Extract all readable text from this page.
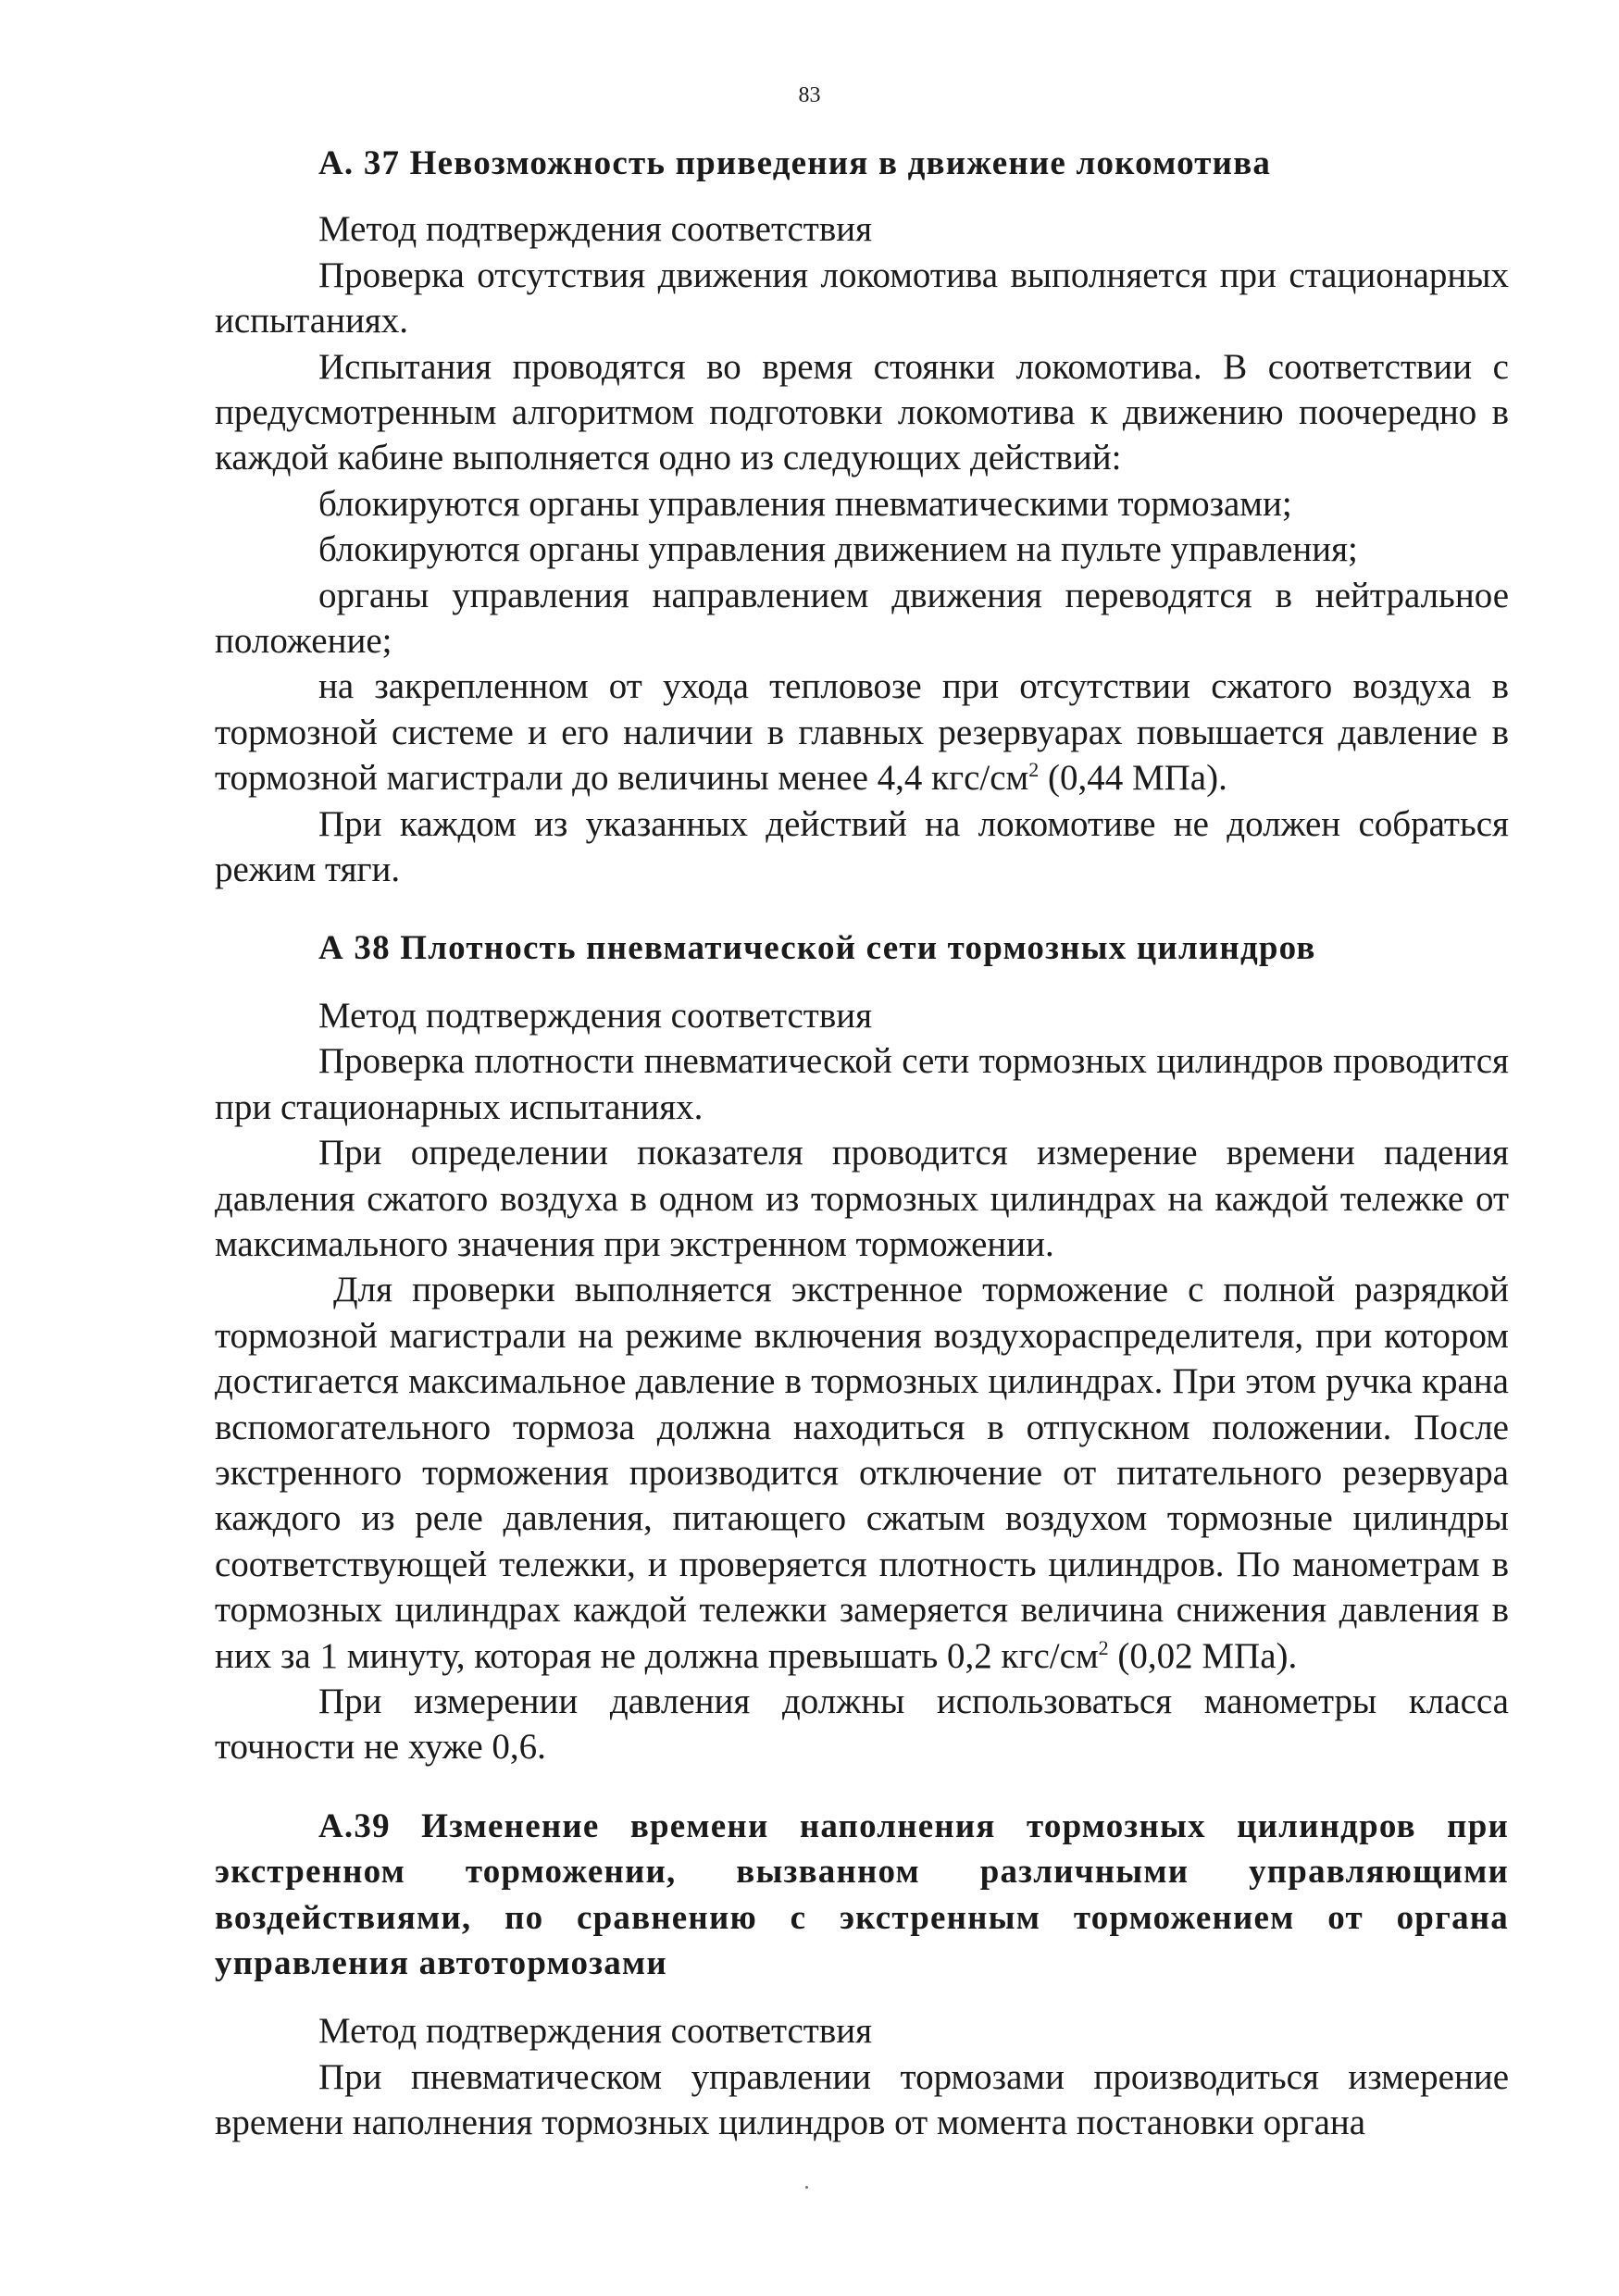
83
А. 37 Невозможность приведения в движение локомотива

Метод подтверждения соответствия

Проверка отсутствия движения локомотива выполняется при стационарных испытаниях.

Испытания проводятся во время стоянки локомотива. В соответствии с предусмотренным алгоритмом подготовки локомотива к движению поочередно в каждой кабине выполняется одно из следующих действий:

блокируются органы управления пневматическими тормозами;

блокируются органы управления движением на пульте управления;

органы управления направлением движения переводятся в нейтральное положение;

на закрепленном от ухода тепловозе при отсутствии сжатого воздуха в тормозной системе и его наличии в главных резервуарах повышается давление в тормозной магистрали до величины менее 4,4 кгс/$см^2$ (0,44 МПа).

При каждом из указанных действий на локомотиве не должен собраться режим тяги.

А 38 Плотность пневматической сети тормозных цилиндров

Метод подтверждения соответствия

Проверка плотности пневматической сети тормозных цилиндров проводится при стационарных испытаниях.

При определении показателя проводится измерение времени падения давления сжатого воздуха в одном из тормозных цилиндрах на каждой тележке от максимального значения при экстренном торможении.

Для проверки выполняется экстренное торможение с полной разрядкой тормозной магистрали на режиме включения воздухораспределителя, при котором достигается максимальное давление в тормозных цилиндрах. При этом ручка крана вспомогательного тормоза должна находиться в отпускном положении. После экстренного торможения производится отключение от питательного резервуара каждого из реле давления, питающего сжатым воздухом тормозные цилиндры соответствующей тележки, и проверяется плотность цилиндров. По манометрам в тормозных цилиндрах каждой тележки замеряется величина снижения давления в них за 1 минуту, которая не должна превышать 0,2 кгс/$см^2$ (0,02 МПа).

При измерении давления должны использоваться манометры класса точности не хуже 0,6.

А.39 Изменение времени наполнения тормозных цилиндров при экстренном торможении, вызванном различными управляющими воздействиями, по сравнению с экстренным торможением от органа управления автотормозами

Метод подтверждения соответствия

При пневматическом управлении тормозами производиться измерение времени наполнения тормозных цилиндров от момента постановки органа
